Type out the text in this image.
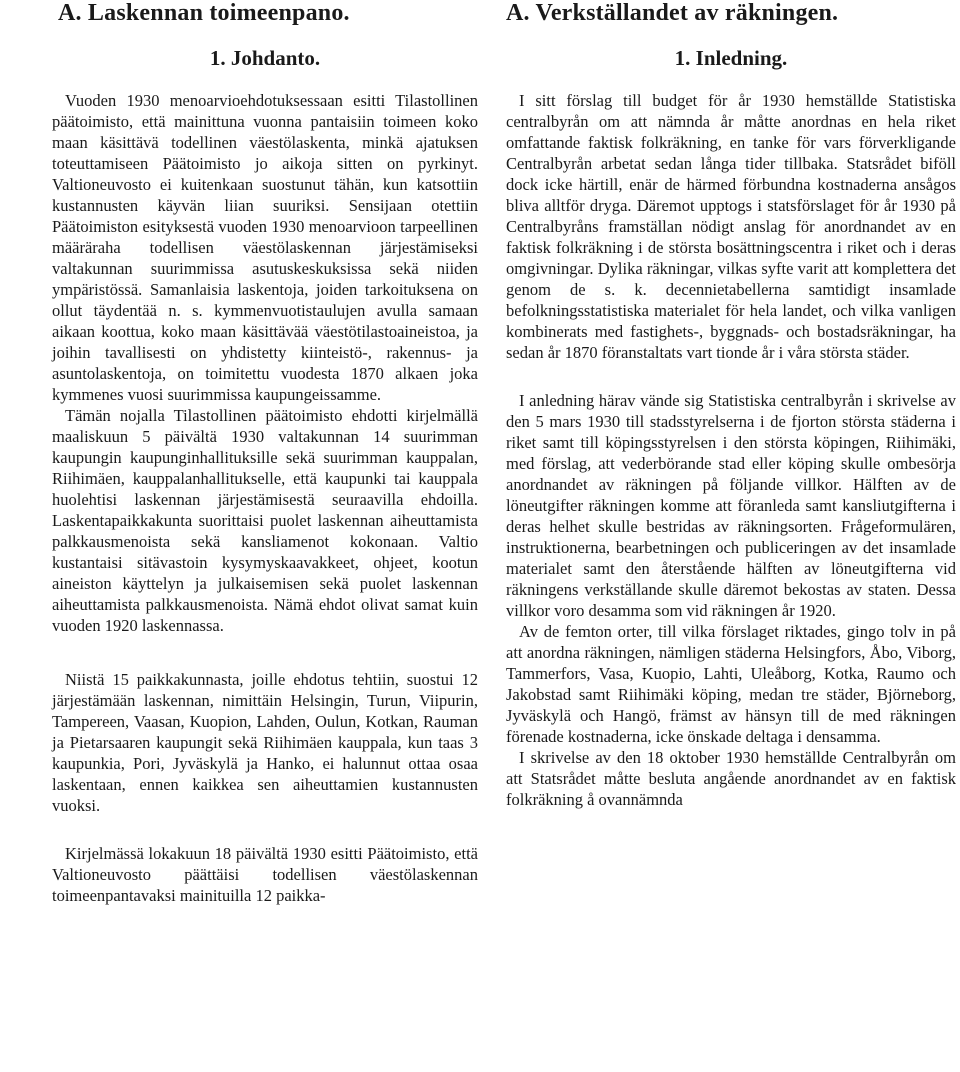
A. Laskennan toimeenpano.
1. Johdanto.

Vuoden 1930 menoarvioehdotuksessaan esitti Tilastollinen päätoimisto, että mainittuna vuonna pantaisiin toimeen koko maan käsittävä todellinen väestölaskenta, minkä ajatuksen toteuttamiseen Päätoimisto jo aikoja sitten on pyrkinyt. Valtioneuvosto ei kuitenkaan suostunut tähän, kun katsottiin kustannusten käyvän liian suuriksi. Sensijaan otettiin Päätoimiston esityksestä vuoden 1930 menoarvioon tarpeellinen määräraha todellisen väestölaskennan järjestämiseksi valtakunnan suurimmissa asutuskeskuksissa sekä niiden ympäristössä. Samanlaisia laskentoja, joiden tarkoituksena on ollut täydentää n. s. kymmenvuotistaulujen avulla samaan aikaan koottua, koko maan käsittävää väestötilastoaineistoa, ja joihin tavallisesti on yhdistetty kiinteistö-, rakennus- ja asuntolaskentoja, on toimitettu vuodesta 1870 alkaen joka kymmenes vuosi suurimmissa kaupungeissamme.

Tämän nojalla Tilastollinen päätoimisto ehdotti kirjelmällä maaliskuun 5 päivältä 1930 valtakunnan 14 suurimman kaupungin kaupunginhallituksille sekä suurimman kauppalan, Riihimäen, kauppalanhallitukselle, että kaupunki tai kauppala huolehtisi laskennan järjestämisestä seuraavilla ehdoilla. Laskentapaikkakunta suorittaisi puolet laskennan aiheuttamista palkkausmenoista sekä kansliamenot kokonaan. Valtio kustantaisi sitävastoin kysymyskaavakkeet, ohjeet, kootun aineiston käyttelyn ja julkaisemisen sekä puolet laskennan aiheuttamista palkkausmenoista. Nämä ehdot olivat samat kuin vuoden 1920 laskennassa.

Niistä 15 paikkakunnasta, joille ehdotus tehtiin, suostui 12 järjestämään laskennan, nimittäin Helsingin, Turun, Viipurin, Tampereen, Vaasan, Kuopion, Lahden, Oulun, Kotkan, Rauman ja Pietarsaaren kaupungit sekä Riihimäen kauppala, kun taas 3 kaupunkia, Pori, Jyväskylä ja Hanko, ei halunnut ottaa osaa laskentaan, ennen kaikkea sen aiheuttamien kustannusten vuoksi.

Kirjelmässä lokakuun 18 päivältä 1930 esitti Päätoimisto, että Valtioneuvosto päättäisi todellisen väestölaskennan toimeenpantavaksi mainituilla 12 paikka-

A. Verkställandet av räkningen.
1. Inledning.

I sitt förslag till budget för år 1930 hemställde Statistiska centralbyrån om att nämnda år måtte anordnas en hela riket omfattande faktisk folkräkning, en tanke för vars förverkligande Centralbyrån arbetat sedan långa tider tillbaka. Statsrådet biföll dock icke härtill, enär de härmed förbundna kostnaderna ansågos bliva alltför dryga. Däremot upptogs i statsförslaget för år 1930 på Centralbyråns framställan nödigt anslag för anordnandet av en faktisk folkräkning i de största bosättningscentra i riket och i deras omgivningar. Dylika räkningar, vilkas syfte varit att komplettera det genom de s. k. decennietabellerna samtidigt insamlade befolkningsstatistiska materialet för hela landet, och vilka vanligen kombinerats med fastighets-, byggnads- och bostadsräkningar, ha sedan år 1870 föranstaltats vart tionde år i våra största städer.

I anledning härav vände sig Statistiska centralbyrån i skrivelse av den 5 mars 1930 till stadsstyrelserna i de fjorton största städerna i riket samt till köpingsstyrelsen i den största köpingen, Riihimäki, med förslag, att vederbörande stad eller köping skulle ombesörja anordnandet av räkningen på följande villkor. Hälften av de löneutgifter räkningen komme att föranleda samt kansliutgifterna i deras helhet skulle bestridas av räkningsorten. Frågeformulären, instruktionerna, bearbetningen och publiceringen av det insamlade materialet samt den återstående hälften av löneutgifterna vid räkningens verkställande skulle däremot bekostas av staten. Dessa villkor voro desamma som vid räkningen år 1920.

Av de femton orter, till vilka förslaget riktades, gingo tolv in på att anordna räkningen, nämligen städerna Helsingfors, Åbo, Viborg, Tammerfors, Vasa, Kuopio, Lahti, Uleåborg, Kotka, Raumo och Jakobstad samt Riihimäki köping, medan tre städer, Björneborg, Jyväskylä och Hangö, främst av hänsyn till de med räkningen förenade kostnaderna, icke önskade deltaga i densamma.

I skrivelse av den 18 oktober 1930 hemställde Centralbyrån om att Statsrådet måtte besluta angående anordnandet av en faktisk folkräkning å ovannämnda
